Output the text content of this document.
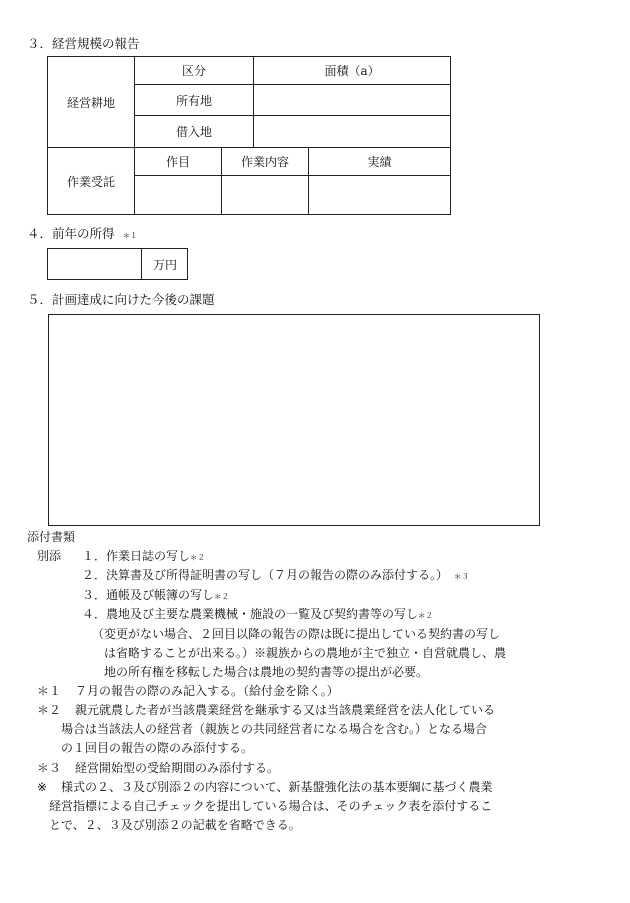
３．経営規模の報告
経営耕地	区分		面積（a）	
	所有地			
	借入地			
作業受託	作目	作業内容		実績

４．前年の所得 ＊１
万円
５．計画達成に向けた今後の課題
添付書類
別添 １．作業日誌の写し＊２
２．決算書及び所得証明書の写し（７月の報告の際のみ添付する。） ＊３
３．通帳及び帳簿の写し＊２
４．農地及び主要な農業機械・施設の一覧及び契約書等の写し＊２
（変更がない場合、２回目以降の報告の際は既に提出している契約書の写し
は省略することが出来る。）※親族からの農地が主で独立・自営就農し、農
地の所有権を移転した場合は農地の契約書等の提出が必要。
＊１ ７月の報告の際のみ記入する。（給付金を除く。）
＊２ 親元就農した者が当該農業経営を継承する又は当該農業経営を法人化している
場合は当該法人の経営者（親族との共同経営者になる場合を含む。）となる場合
の１回目の報告の際のみ添付する。
＊３ 経営開始型の受給期間のみ添付する。
※ 様式の２、３及び別添２の内容について、新基盤強化法の基本要綱に基づく農業
経営指標による自己チェックを提出している場合は、そのチェック表を添付するこ
とで、２、３及び別添２の記載を省略できる。
